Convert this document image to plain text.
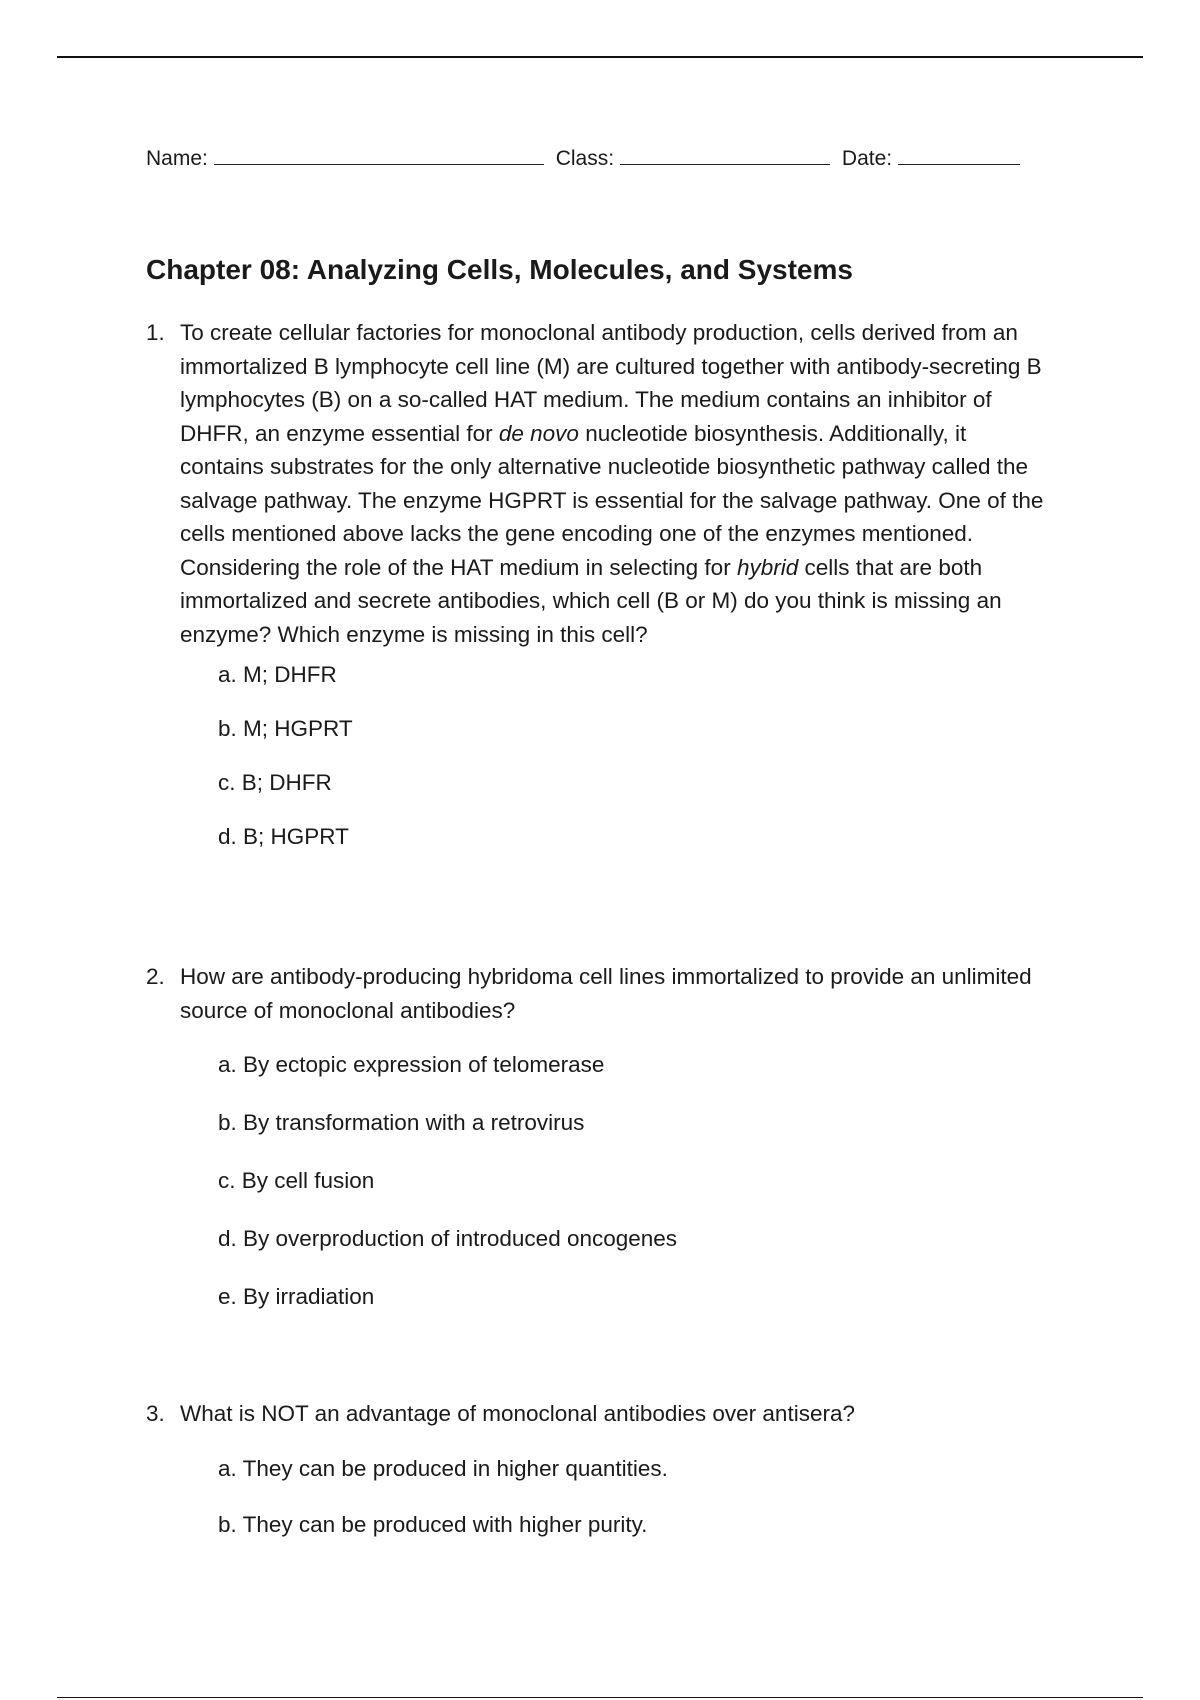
Name:	Class:	Date:
Chapter 08: Analyzing Cells, Molecules, and Systems
1. To create cellular factories for monoclonal antibody production, cells derived from an immortalized B lymphocyte cell line (M) are cultured together with antibody-secreting B lymphocytes (B) on a so-called HAT medium. The medium contains an inhibitor of DHFR, an enzyme essential for de novo nucleotide biosynthesis. Additionally, it contains substrates for the only alternative nucleotide biosynthetic pathway called the salvage pathway. The enzyme HGPRT is essential for the salvage pathway. One of the cells mentioned above lacks the gene encoding one of the enzymes mentioned. Considering the role of the HAT medium in selecting for hybrid cells that are both immortalized and secrete antibodies, which cell (B or M) do you think is missing an enzyme? Which enzyme is missing in this cell?
a. M; DHFR
b. M; HGPRT
c. B; DHFR
d. B; HGPRT
2. How are antibody-producing hybridoma cell lines immortalized to provide an unlimited source of monoclonal antibodies?
a. By ectopic expression of telomerase
b. By transformation with a retrovirus
c. By cell fusion
d. By overproduction of introduced oncogenes
e. By irradiation
3. What is NOT an advantage of monoclonal antibodies over antisera?
a. They can be produced in higher quantities.
b. They can be produced with higher purity.
